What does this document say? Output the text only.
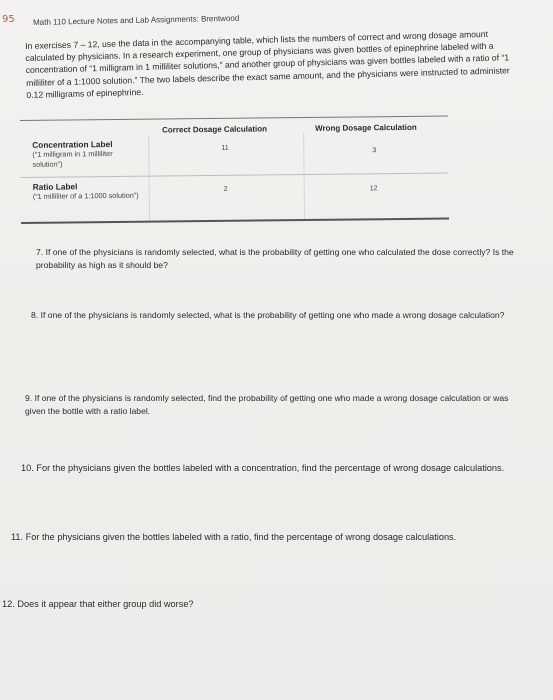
95 Math 110 Lecture Notes and Lab Assignments: Brentwood
In exercises 7 – 12, use the data in the accompanying table, which lists the numbers of correct and wrong dosage amount calculated by physicians. In a research experiment, one group of physicians was given bottles of epinephrine labeled with a concentration of “1 milligram in 1 milliliter solutions,” and another group of physicians was given bottles labeled with a ratio of “1 milliliter of a 1:1000 solution.” The two labels describe the exact same amount, and the physicians were instructed to administer 0.12 milligrams of epinephrine.
Correct Dosage Calculation	Wrong Dosage Calculation
Concentration Label
(“1 milligram in 1 milliliter solution”)
11	3
Ratio Label
(“1 milliliter of a 1:1000 solution”)
2	12
7. If one of the physicians is randomly selected, what is the probability of getting one who calculated the dose correctly? Is the probability as high as it should be?
8. If one of the physicians is randomly selected, what is the probability of getting one who made a wrong dosage calculation?
9. If one of the physicians is randomly selected, find the probability of getting one who made a wrong dosage calculation or was given the bottle with a ratio label.
10. For the physicians given the bottles labeled with a concentration, find the percentage of wrong dosage calculations.
11. For the physicians given the bottles labeled with a ratio, find the percentage of wrong dosage calculations.
12. Does it appear that either group did worse?
